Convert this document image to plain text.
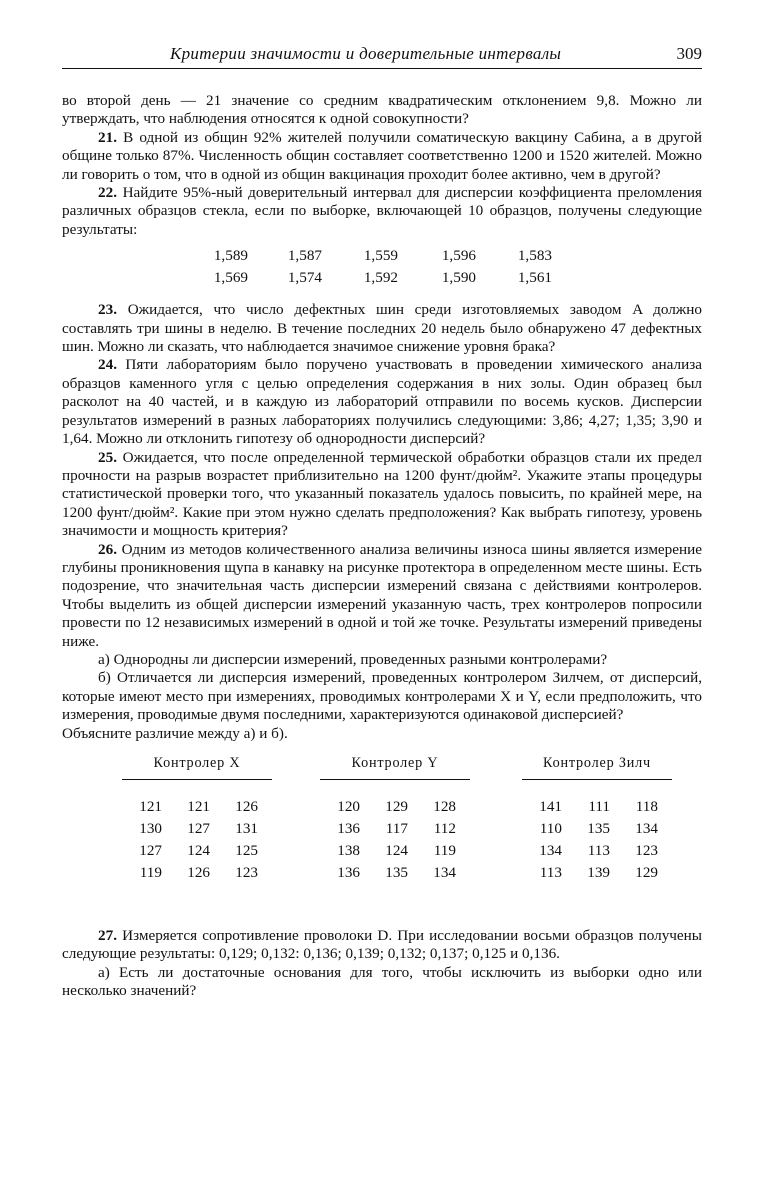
Критерии значимости и доверительные интервалы	309

во второй день — 21 значение со средним квадратическим отклонением 9,8. Можно ли утверждать, что наблюдения относятся к одной совокупности?

21. В одной из общин 92% жителей получили соматическую вакцину Сабина, а в другой общине только 87%. Численность общин составляет соответственно 1200 и 1520 жителей. Можно ли говорить о том, что в одной из общин вакцинация проходит более активно, чем в другой?

22. Найдите 95%-ный доверительный интервал для дисперсии коэффициента преломления различных образцов стекла, если по выборке, включающей 10 образцов, получены следующие результаты:

1,589	1,587	1,559	1,596	1,583
1,569	1,574	1,592	1,590	1,561

23. Ожидается, что число дефектных шин среди изготовляемых заводом A должно составлять три шины в неделю. В течение последних 20 недель было обнаружено 47 дефектных шин. Можно ли сказать, что наблюдается значимое снижение уровня брака?

24. Пяти лабораториям было поручено участвовать в проведении химического анализа образцов каменного угля с целью определения содержания в них золы. Один образец был расколот на 40 частей, и в каждую из лабораторий отправили по восемь кусков. Дисперсии результатов измерений в разных лабораториях получились следующими: 3,86; 4,27; 1,35; 3,90 и 1,64. Можно ли отклонить гипотезу об однородности дисперсий?

25. Ожидается, что после определенной термической обработки образцов стали их предел прочности на разрыв возрастет приблизительно на 1200 фунт/дюйм². Укажите этапы процедуры статистической проверки того, что указанный показатель удалось повысить, по крайней мере, на 1200 фунт/дюйм². Какие при этом нужно сделать предположения? Как выбрать гипотезу, уровень значимости и мощность критерия?

26. Одним из методов количественного анализа величины износа шины является измерение глубины проникновения щупа в канавку на рисунке протектора в определенном месте шины. Есть подозрение, что значительная часть дисперсии измерений связана с действиями контролеров. Чтобы выделить из общей дисперсии измерений указанную часть, трех контролеров попросили провести по 12 независимых измерений в одной и той же точке. Результаты измерений приведены ниже.

а) Однородны ли дисперсии измерений, проведенных разными контролерами?

б) Отличается ли дисперсия измерений, проведенных контролером Зилчем, от дисперсий, которые имеют место при измерениях, проводимых контролерами X и Y, если предположить, что измерения, проводимые двумя последними, характеризуются одинаковой дисперсией?

Объясните различие между а) и б).

Контролер X
121	121	126
130	127	131
127	124	125
119	126	123
Контролер Y
120	129	128
136	117	112
138	124	119
136	135	134
Контролер Зилч
141	111	118
110	135	134
134	113	123
113	139	129

27. Измеряется сопротивление проволоки D. При исследовании восьми образцов получены следующие результаты: 0,129; 0,132: 0,136; 0,139; 0,132; 0,137; 0,125 и 0,136.

а) Есть ли достаточные основания для того, чтобы исключить из выборки одно или несколько значений?
